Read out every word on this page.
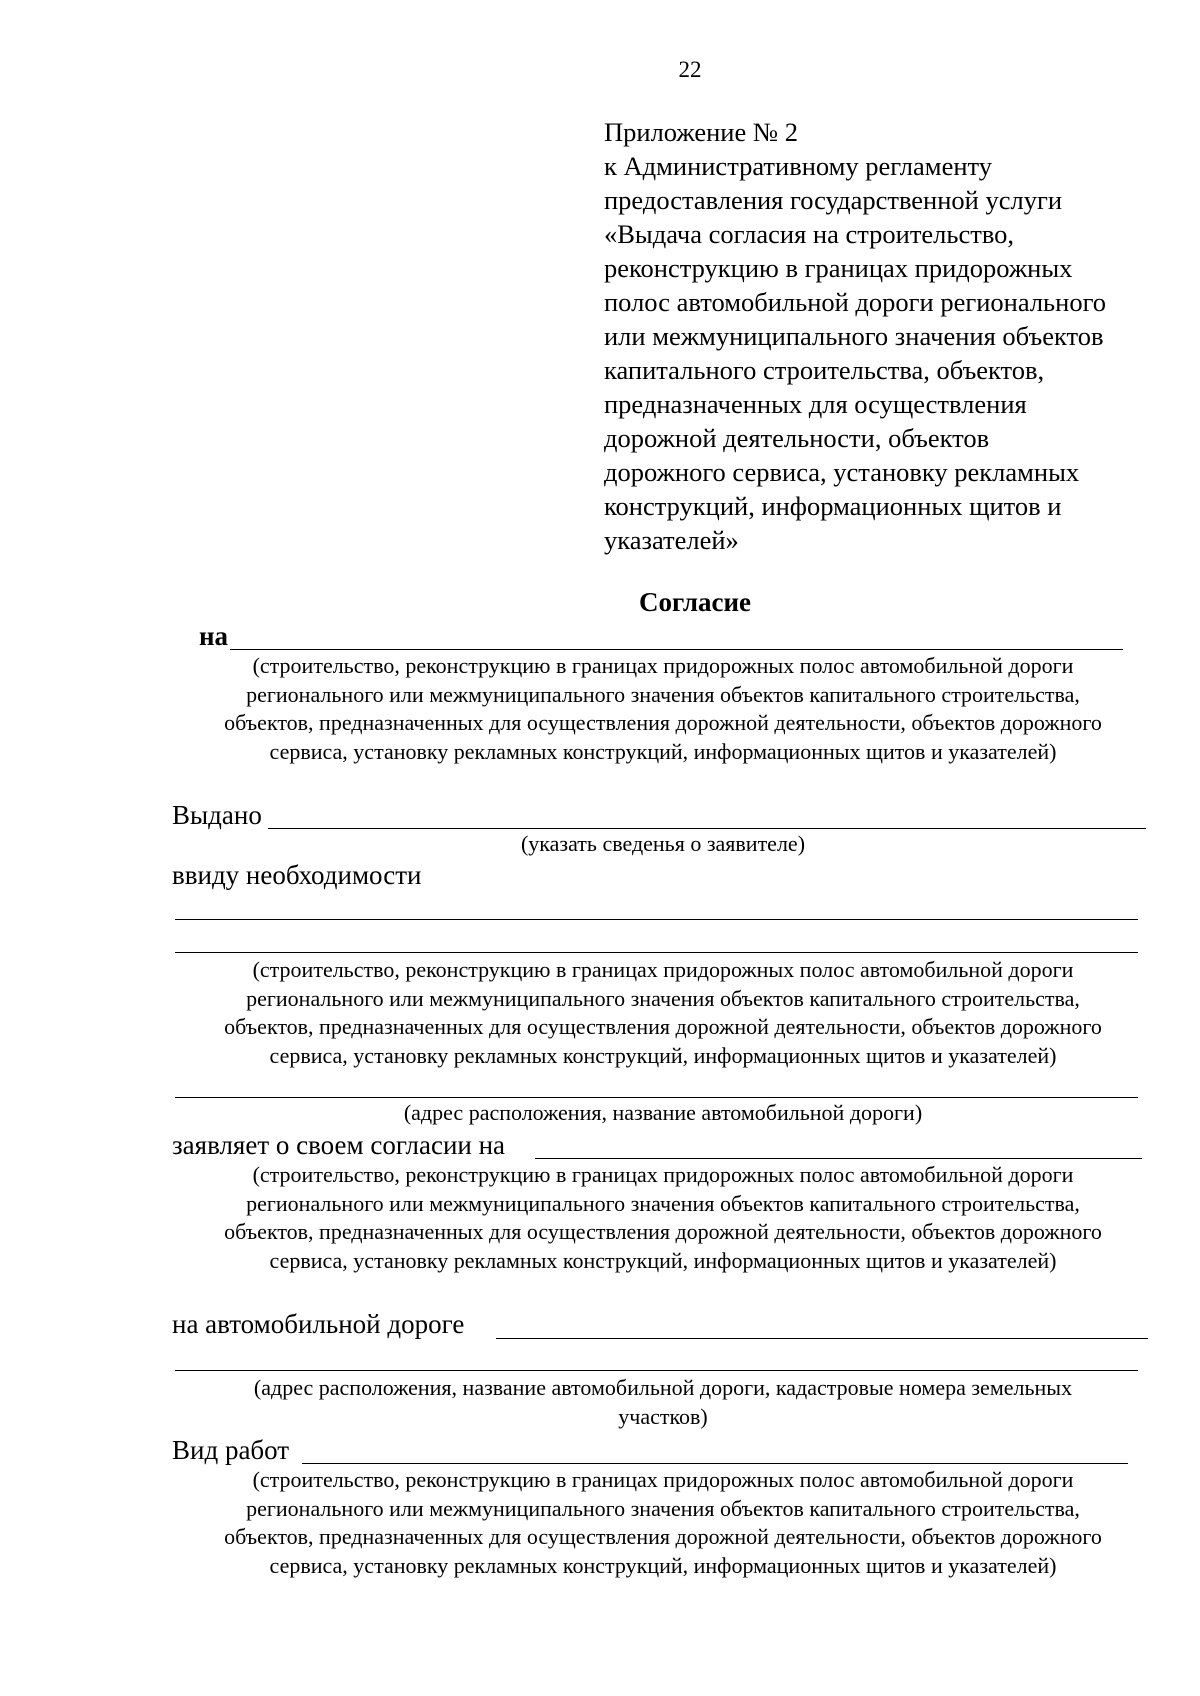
22
Приложение № 2
к Административному регламенту
предоставления государственной услуги
«Выдача согласия на строительство,
реконструкцию в границах придорожных
полос автомобильной дороги регионального
или межмуниципального значения объектов
капитального строительства, объектов,
предназначенных для осуществления
дорожной деятельности, объектов
дорожного сервиса, установку рекламных
конструкций, информационных щитов и
указателей»
Согласие
на
(строительство, реконструкцию в границах придорожных полос автомобильной дороги
регионального или межмуниципального значения объектов капитального строительства,
объектов, предназначенных для осуществления дорожной деятельности, объектов дорожного
сервиса, установку рекламных конструкций, информационных щитов и указателей)
Выдано
(указать сведенья о заявителе)
ввиду необходимости
(строительство, реконструкцию в границах придорожных полос автомобильной дороги
регионального или межмуниципального значения объектов капитального строительства,
объектов, предназначенных для осуществления дорожной деятельности, объектов дорожного
сервиса, установку рекламных конструкций, информационных щитов и указателей)
(адрес расположения, название автомобильной дороги)
заявляет о своем согласии на
(строительство, реконструкцию в границах придорожных полос автомобильной дороги
регионального или межмуниципального значения объектов капитального строительства,
объектов, предназначенных для осуществления дорожной деятельности, объектов дорожного
сервиса, установку рекламных конструкций, информационных щитов и указателей)
на автомобильной дороге
(адрес расположения, название автомобильной дороги, кадастровые номера земельных
участков)
Вид работ
(строительство, реконструкцию в границах придорожных полос автомобильной дороги
регионального или межмуниципального значения объектов капитального строительства,
объектов, предназначенных для осуществления дорожной деятельности, объектов дорожного
сервиса, установку рекламных конструкций, информационных щитов и указателей)
